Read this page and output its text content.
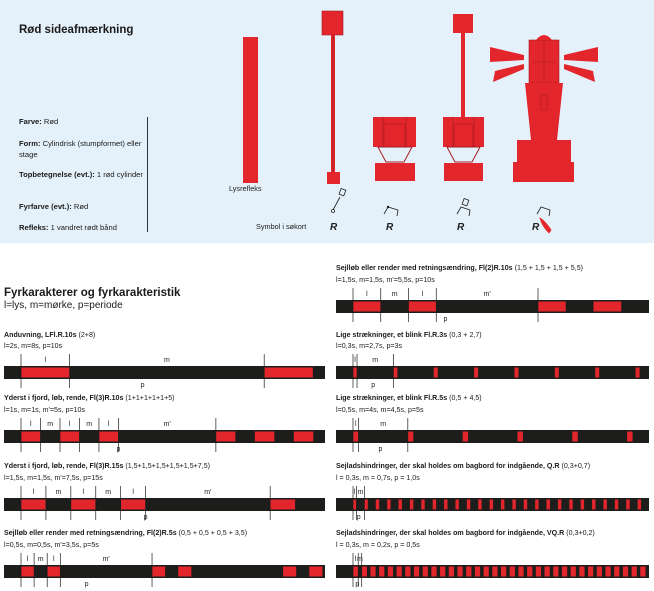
Rød sideafmærkning
Farve: Rød
Form: Cylindrisk (stumpformet) eller stage
Topbetegnelse (evt.): 1 rød cylinder
Fyrfarve (evt.): Rød
Refleks: 1 vandret rødt bånd
Lysrefleks
Symbol i søkort R	R	R	R
Fyrkarakterer og fyrkarakteristik
l=lys, m=mørke, p=periode
Anduvning, LFl.R.10s (2+8)
l=2s, m=8s, p=10s
l	m
p
Yderst i fjord, løb, rende, Fl(3)R.10s (1+1+1+1+1+5)
l=1s, m=1s, m'=5s, p=10s
l m l m l	m'
p
Yderst i fjord, løb, rende, Fl(3)R.15s (1,5+1,5+1,5+1,5+1,5+7,5)
l=1,5s, m=1,5s, m'=7,5s, p=15s
l	m	l	m	l	m'
p
Sejlløb eller render med retningsændring, Fl(2)R.5s (0,5 + 0,5 + 0,5 + 3,5)
l=0,5s, m=0,5s, m'=3,5s, p=5s
l m l	m'
p
Sejlløb eller render med retningsændring, Fl(2)R.10s (1,5 + 1,5 + 1,5 + 5,5)
l=1,5s, m=1,5s, m'=5,5s, p=10s
l	m	l	m'
p
Lige strækninger, et blink Fl.R.3s (0,3 + 2,7)
l=0,3s, m=2,7s, p=3s
l m
p
Lige strækninger, et blink Fl.R.5s (0,5 + 4,5)
l=0,5s, m=4s, m=4,5s, p=5s
l	m
p
Sejladshindringer, der skal holdes om bagbord for indgående, Q.R (0,3+0,7)
l = 0,3s, m = 0,7s, p = 1,0s
l m
p
Sejladshindringer, der skal holdes om bagbord for indgående, VQ.R (0,3+0,2)
l = 0,3s, m = 0,2s, p = 0,5s
l m
p
